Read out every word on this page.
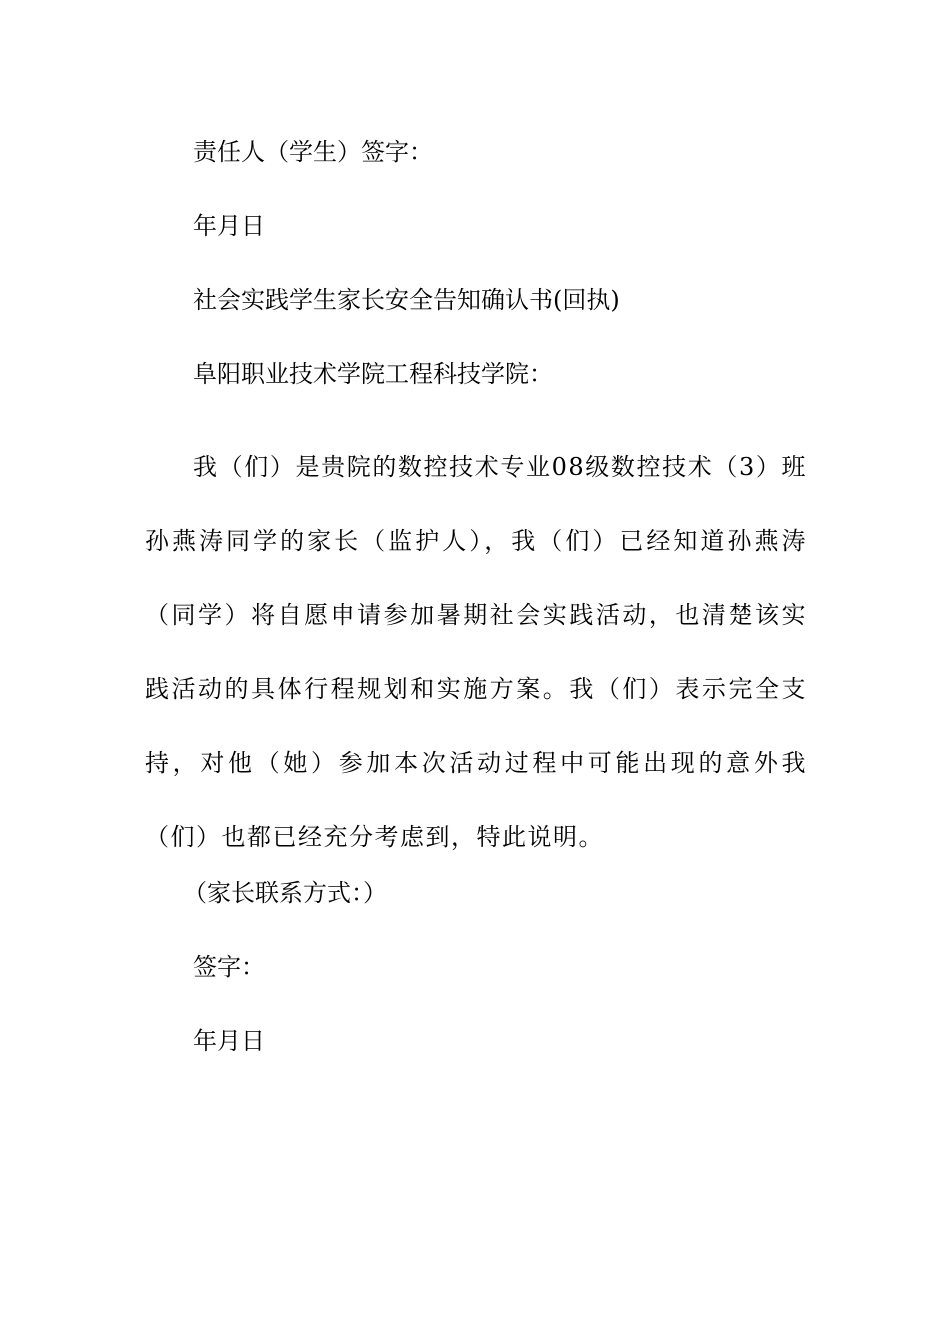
责任人（学生）签字：

年月日

社会实践学生家长安全告知确认书(回执)

阜阳职业技术学院工程科技学院：

我（们）是贵院的数控技术专业08级数控技术（3）班孙燕涛同学的家长（监护人），我（们）已经知道孙燕涛（同学）将自愿申请参加暑期社会实践活动，也清楚该实践活动的具体行程规划和实施方案。我（们）表示完全支持，对他（她）参加本次活动过程中可能出现的意外我（们）也都已经充分考虑到，特此说明。

（家长联系方式：）

签字：

年月日
